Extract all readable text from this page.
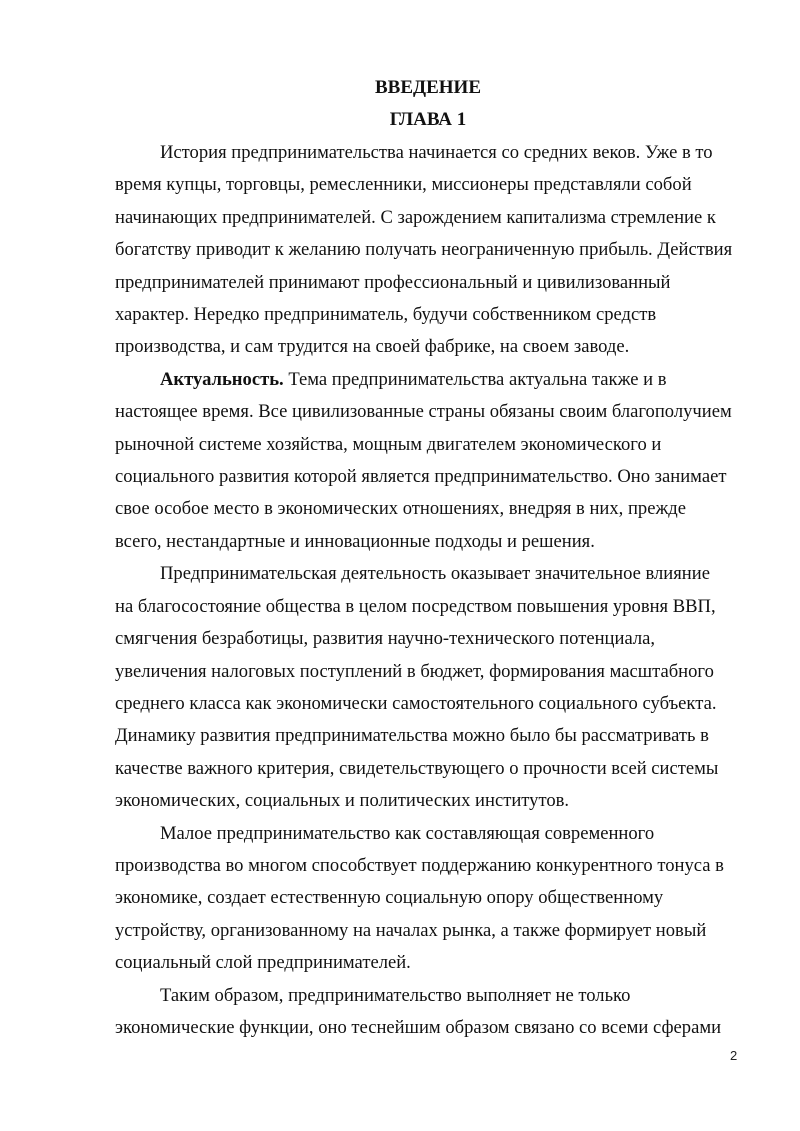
ВВЕДЕНИЕ
ГЛАВА 1

История предпринимательства начинается со средних веков. Уже в то
время купцы, торговцы, ремесленники, миссионеры представляли собой
начинающих предпринимателей. С зарождением капитализма стремление к
богатству приводит к желанию получать неограниченную прибыль. Действия
предпринимателей принимают профессиональный и цивилизованный
характер. Нередко предприниматель, будучи собственником средств
производства, и сам трудится на своей фабрике, на своем заводе.

Актуальность. Тема предпринимательства актуальна также и в
настоящее время. Все цивилизованные страны обязаны своим благополучием
рыночной системе хозяйства, мощным двигателем экономического и
социального развития которой является предпринимательство. Оно занимает
свое особое место в экономических отношениях, внедряя в них, прежде
всего, нестандартные и инновационные подходы и решения.

Предпринимательская деятельность оказывает значительное влияние
на благосостояние общества в целом посредством повышения уровня ВВП,
смягчения безработицы, развития научно-технического потенциала,
увеличения налоговых поступлений в бюджет, формирования масштабного
среднего класса как экономически самостоятельного социального субъекта.
Динамику развития предпринимательства можно было бы рассматривать в
качестве важного критерия, свидетельствующего о прочности всей системы
экономических, социальных и политических институтов.

Малое предпринимательство как составляющая современного
производства во многом способствует поддержанию конкурентного тонуса в
экономике, создает естественную социальную опору общественному
устройству, организованному на началах рынка, а также формирует новый
социальный слой предпринимателей.

Таким образом, предпринимательство выполняет не только
экономические функции, оно теснейшим образом связано со всеми сферами

2
